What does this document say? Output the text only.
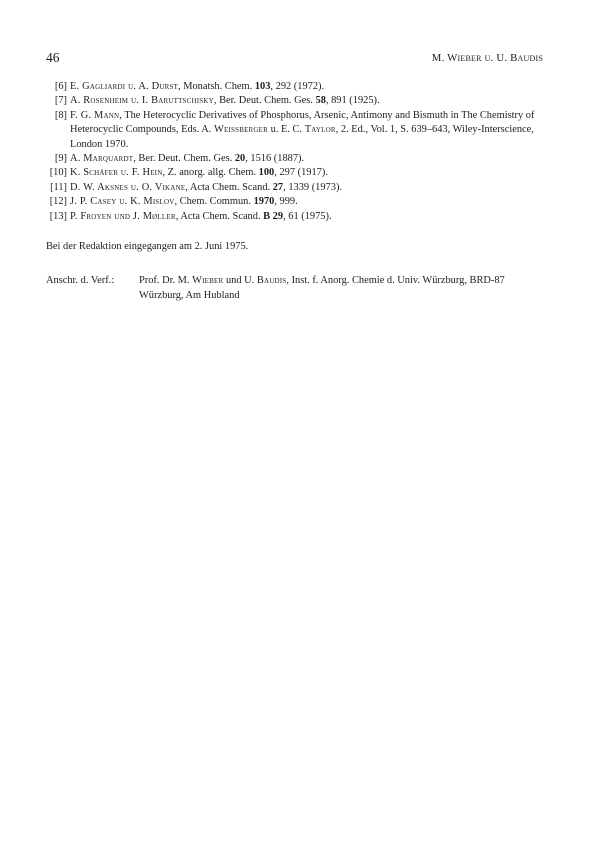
46	M. Wieber u. U. Baudis
[6] E. Gagliardi u. A. Durst, Monatsh. Chem. 103, 292 (1972).
[7] A. Rosenheim u. I. Baruttschisky, Ber. Deut. Chem. Ges. 58, 891 (1925).
[8] F. G. Mann, The Heterocyclic Derivatives of Phosphorus, Arsenic, Antimony and Bismuth in The Chemistry of Heterocyclic Compounds, Eds. A. Weissberger u. E. C. Taylor, 2. Ed., Vol. 1, S. 639–643, Wiley-Interscience, London 1970.
[9] A. Marquardt, Ber. Deut. Chem. Ges. 20, 1516 (1887).
[10] K. Schäfer u. F. Hein, Z. anorg. allg. Chem. 100, 297 (1917).
[11] D. W. Aksnes u. O. Vikane, Acta Chem. Scand. 27, 1339 (1973).
[12] J. P. Casey u. K. Mislov, Chem. Commun. 1970, 999.
[13] P. Froyen und J. Møller, Acta Chem. Scand. B 29, 61 (1975).
Bei der Redaktion eingegangen am 2. Juni 1975.
Anschr. d. Verf.: Prof. Dr. M. Wieber und U. Baudis, Inst. f. Anorg. Chemie d. Univ. Würzburg, BRD-87 Würzburg, Am Hubland
